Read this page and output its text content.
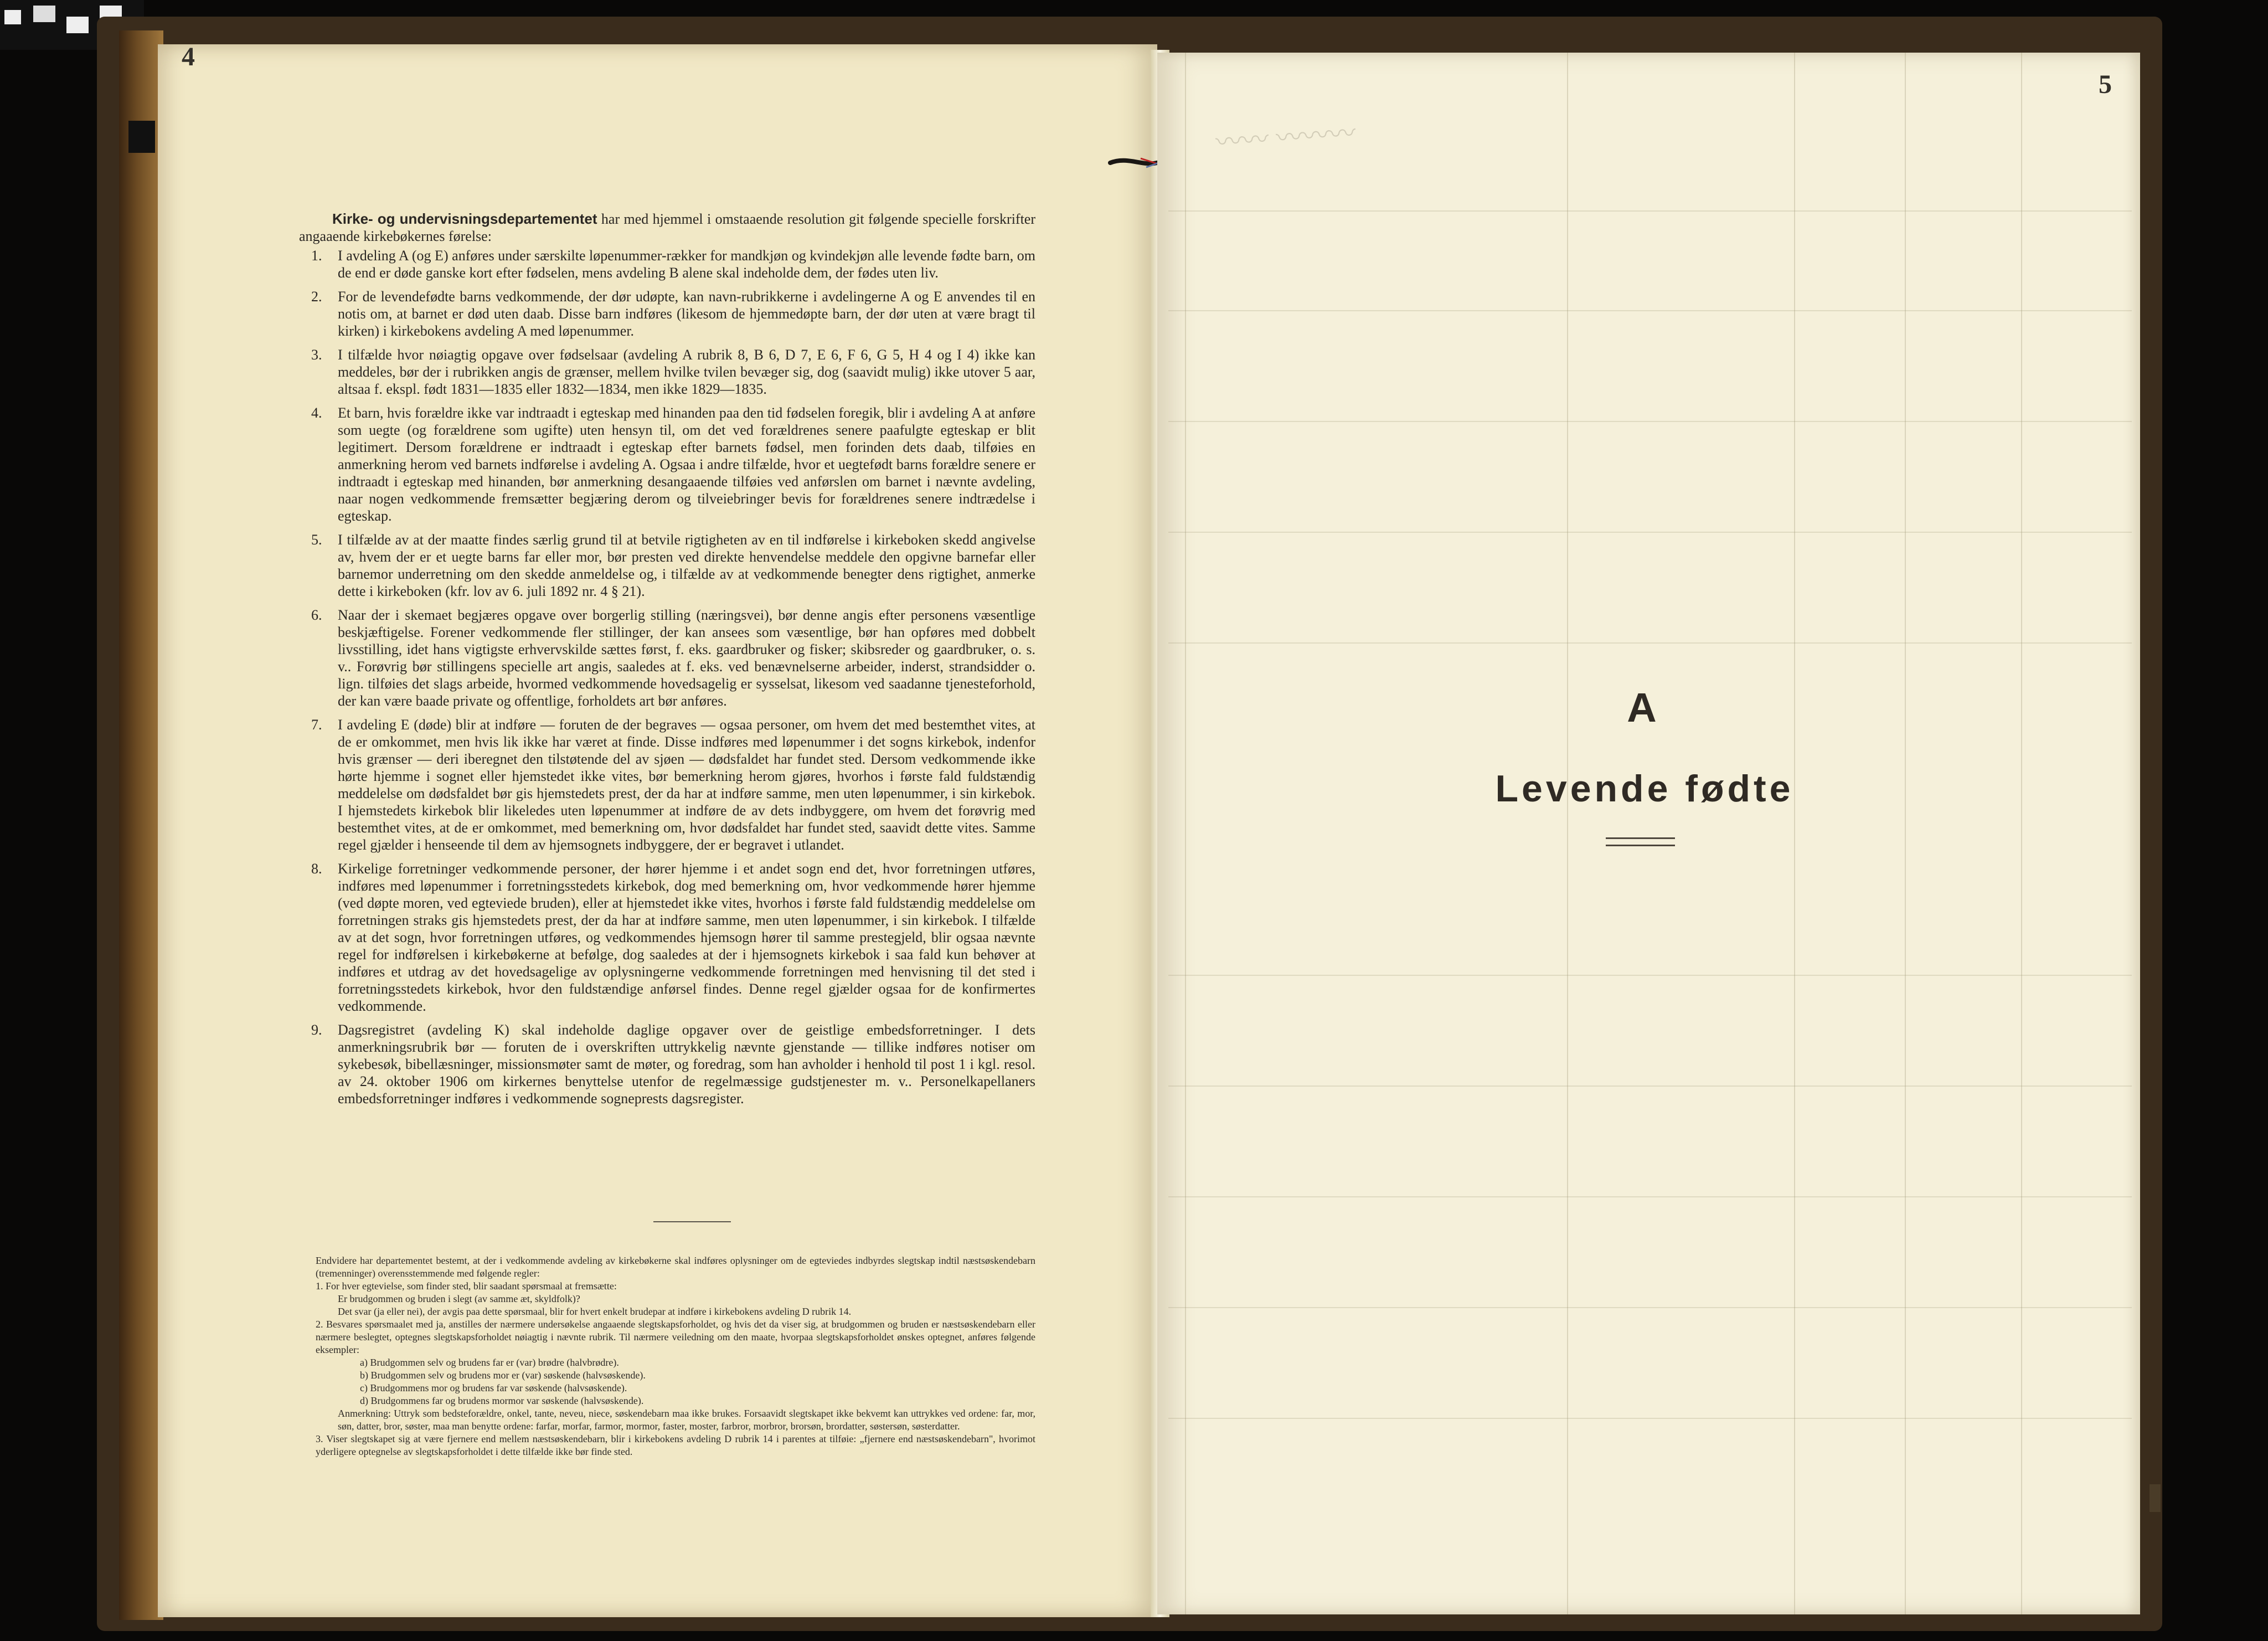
4

Kirke- og undervisningsdepartementet har med hjemmel i omstaaende resolution git følgende specielle forskrifter angaaende kirkebøkernes førelse:

1. I avdeling A (og E) anføres under særskilte løpenummer-rækker for mandkjøn og kvindekjøn alle levende fødte barn, om de end er døde ganske kort efter fødselen, mens avdeling B alene skal indeholde dem, der fødes uten liv.
2. For de levendefødte barns vedkommende, der dør udøpte, kan navn-rubrikkerne i avdelingerne A og E anvendes til en notis om, at barnet er død uten daab. Disse barn indføres (likesom de hjemmedøpte barn, der dør uten at være bragt til kirken) i kirkebokens avdeling A med løpenummer.
3. I tilfælde hvor nøiagtig opgave over fødselsaar (avdeling A rubrik 8, B 6, D 7, E 6, F 6, G 5, H 4 og I 4) ikke kan meddeles, bør der i rubrikken angis de grænser, mellem hvilke tvilen bevæger sig, dog (saavidt mulig) ikke utover 5 aar, altsaa f. ekspl. født 1831—1835 eller 1832—1834, men ikke 1829—1835.
4. Et barn, hvis forældre ikke var indtraadt i egteskap med hinanden paa den tid fødselen foregik, blir i avdeling A at anføre som uegte (og forældrene som ugifte) uten hensyn til, om det ved forældrenes senere paafulgte egteskap er blit legitimert. Dersom forældrene er indtraadt i egteskap efter barnets fødsel, men forinden dets daab, tilføies en anmerkning herom ved barnets indførelse i avdeling A. Ogsaa i andre tilfælde, hvor et uegtefødt barns forældre senere er indtraadt i egteskap med hinanden, bør anmerkning desangaaende tilføies ved anførslen om barnet i nævnte avdeling, naar nogen vedkommende fremsætter begjæring derom og tilveiebringer bevis for forældrenes senere indtrædelse i egteskap.
5. I tilfælde av at der maatte findes særlig grund til at betvile rigtigheten av en til indførelse i kirkeboken skedd angivelse av, hvem der er et uegte barns far eller mor, bør presten ved direkte henvendelse meddele den opgivne barnefar eller barnemor underretning om den skedde anmeldelse og, i tilfælde av at vedkommende benegter dens rigtighet, anmerke dette i kirkeboken (kfr. lov av 6. juli 1892 nr. 4 § 21).
6. Naar der i skemaet begjæres opgave over borgerlig stilling (næringsvei), bør denne angis efter personens væsentlige beskjæftigelse. Forener vedkommende fler stillinger, der kan ansees som væsentlige, bør han opføres med dobbelt livsstilling, idet hans vigtigste erhvervskilde sættes først, f. eks. gaardbruker og fisker; skibsreder og gaardbruker, o. s. v.. Forøvrig bør stillingens specielle art angis, saaledes at f. eks. ved benævnelserne arbeider, inderst, strandsidder o. lign. tilføies det slags arbeide, hvormed vedkommende hovedsagelig er sysselsat, likesom ved saadanne tjenesteforhold, der kan være baade private og offentlige, forholdets art bør anføres.
7. I avdeling E (døde) blir at indføre — foruten de der begraves — ogsaa personer, om hvem det med bestemthet vites, at de er omkommet, men hvis lik ikke har været at finde. Disse indføres med løpenummer i det sogns kirkebok, indenfor hvis grænser — deri iberegnet den tilstøtende del av sjøen — dødsfaldet har fundet sted. Dersom vedkommende ikke hørte hjemme i sognet eller hjemstedet ikke vites, bør bemerkning herom gjøres, hvorhos i første fald fuldstændig meddelelse om dødsfaldet bør gis hjemstedets prest, der da har at indføre samme, men uten løpenummer, i sin kirkebok. I hjemstedets kirkebok blir likeledes uten løpenummer at indføre de av dets indbyggere, om hvem det forøvrig med bestemthet vites, at de er omkommet, med bemerkning om, hvor dødsfaldet har fundet sted, saavidt dette vites. Samme regel gjælder i henseende til dem av hjemsognets indbyggere, der er begravet i utlandet.
8. Kirkelige forretninger vedkommende personer, der hører hjemme i et andet sogn end det, hvor forretningen utføres, indføres med løpenummer i forretningsstedets kirkebok, dog med bemerkning om, hvor vedkommende hører hjemme (ved døpte moren, ved egteviede bruden), eller at hjemstedet ikke vites, hvorhos i første fald fuldstændig meddelelse om forretningen straks gis hjemstedets prest, der da har at indføre samme, men uten løpenummer, i sin kirkebok. I tilfælde av at det sogn, hvor forretningen utføres, og vedkommendes hjemsogn hører til samme prestegjeld, blir ogsaa nævnte regel for indførelsen i kirkebøkerne at befølge, dog saaledes at der i hjemsognets kirkebok i saa fald kun behøver at indføres et utdrag av det hovedsagelige av oplysningerne vedkommende forretningen med henvisning til det sted i forretningsstedets kirkebok, hvor den fuldstændige anførsel findes. Denne regel gjælder ogsaa for de konfirmertes vedkommende.
9. Dagsregistret (avdeling K) skal indeholde daglige opgaver over de geistlige embedsforretninger. I dets anmerkningsrubrik bør — foruten de i overskriften uttrykkelig nævnte gjenstande — tillike indføres notiser om sykebesøk, bibellæsninger, missionsmøter samt de møter, og foredrag, som han avholder i henhold til post 1 i kgl. resol. av 24. oktober 1906 om kirkernes benyttelse utenfor de regelmæssige gudstjenester m. v.. Personelkapellaners embedsforretninger indføres i vedkommende sogneprests dagsregister.

Endvidere har departementet bestemt, at der i vedkommende avdeling av kirkebøkerne skal indføres oplysninger om de egteviedes indbyrdes slegtskap indtil næstsøskendebarn (tremenninger) overensstemmende med følgende regler:

1. For hver egtevielse, som finder sted, blir saadant spørsmaal at fremsætte:

Er brudgommen og bruden i slegt (av samme æt, skyldfolk)?

Det svar (ja eller nei), der avgis paa dette spørsmaal, blir for hvert enkelt brudepar at indføre i kirkebokens avdeling D rubrik 14.

2. Besvares spørsmaalet med ja, anstilles der nærmere undersøkelse angaaende slegtskapsforholdet, og hvis det da viser sig, at brudgommen og bruden er næstsøskendebarn eller nærmere beslegtet, optegnes slegtskapsforholdet nøiagtig i nævnte rubrik. Til nærmere veiledning om den maate, hvorpaa slegtskapsforholdet ønskes optegnet, anføres følgende eksempler:

a) Brudgommen selv og brudens far er (var) brødre (halvbrødre).

b) Brudgommen selv og brudens mor er (var) søskende (halvsøskende).

c) Brudgommens mor og brudens far var søskende (halvsøskende).

d) Brudgommens far og brudens mormor var søskende (halvsøskende).

Anmerkning: Uttryk som bedsteforældre, onkel, tante, neveu, niece, søskendebarn maa ikke brukes. Forsaavidt slegtskapet ikke bekvemt kan uttrykkes ved ordene: far, mor, søn, datter, bror, søster, maa man benytte ordene: farfar, morfar, farmor, mormor, faster, moster, farbror, morbror, brorsøn, brordatter, søstersøn, søsterdatter.

3. Viser slegtskapet sig at være fjernere end mellem næstsøskendebarn, blir i kirkebokens avdeling D rubrik 14 i parentes at tilføie: „fjernere end næstsøskendebarn", hvorimot yderligere optegnelse av slegtskapsforholdet i dette tilfælde ikke bør finde sted.

〰〰 〰〰〰
5
A
Levende fødte
